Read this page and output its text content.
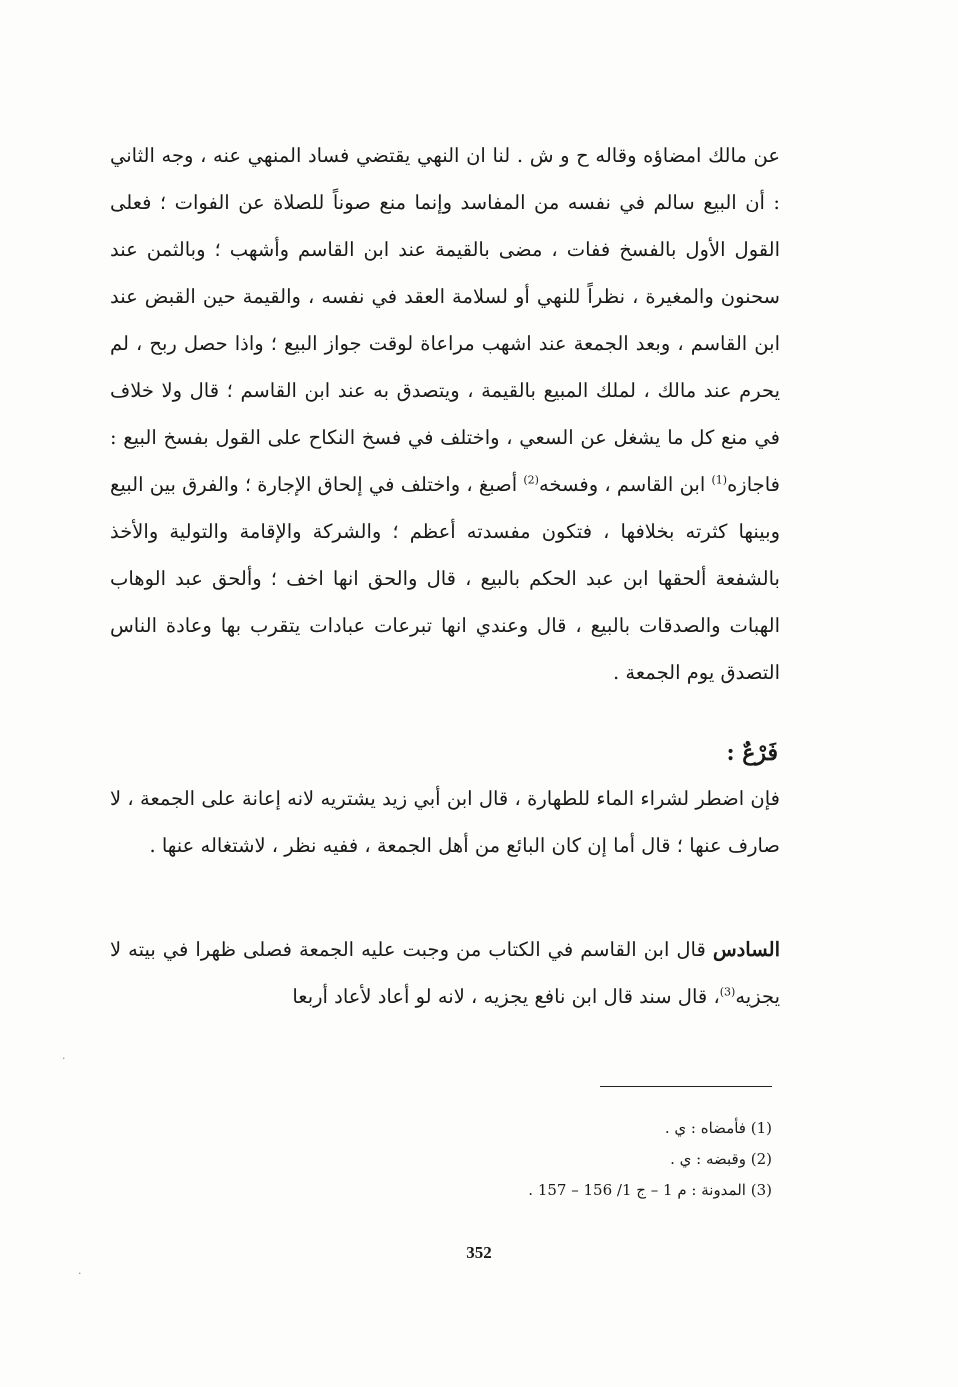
عن مالك امضاؤه وقاله ح و ش . لنا ان النهي يقتضي فساد المنهي عنه ، وجه الثاني : أن البيع سالم في نفسه من المفاسد وإنما منع صوناً للصلاة عن الفوات ؛ فعلى القول الأول بالفسخ ففات ، مضى بالقيمة عند ابن القاسم وأشهب ؛ وبالثمن عند سحنون والمغيرة ، نظراً للنهي أو لسلامة العقد في نفسه ، والقيمة حين القبض عند ابن القاسم ، وبعد الجمعة عند اشهب مراعاة لوقت جواز البيع ؛ واذا حصل ربح ، لم يحرم عند مالك ، لملك المبيع بالقيمة ، ويتصدق به عند ابن القاسم ؛ قال ولا خلاف في منع كل ما يشغل عن السعي ، واختلف في فسخ النكاح على القول بفسخ البيع : فاجازه$^{(1)}$ ابن القاسم ، وفسخه$^{(2)}$ أصبغ ، واختلف في إلحاق الإجارة ؛ والفرق بين البيع وبينها كثرته بخلافها ، فتكون مفسدته أعظم ؛ والشركة والإقامة والتولية والأخذ بالشفعة ألحقها ابن عبد الحكم بالبيع ، قال والحق انها اخف ؛ وألحق عبد الوهاب الهبات والصدقات بالبيع ، قال وعندي انها تبرعات عبادات يتقرب بها وعادة الناس التصدق يوم الجمعة .
فَرْعٌ :
فإن اضطر لشراء الماء للطهارة ، قال ابن أبي زيد يشتريه لانه إعانة على الجمعة ، لا صارف عنها ؛ قال أما إن كان البائع من أهل الجمعة ، ففيه نظر ، لاشتغاله عنها .
السادس قال ابن القاسم في الكتاب من وجبت عليه الجمعة فصلى ظهرا في بيته لا يجزيه$^{(3)}$، قال سند قال ابن نافع يجزيه ، لانه لو أعاد لأعاد أربعا
(1) فأمضاه : ي .
(2) وقبضه : ي .
(3) المدونة : م 1 – ج 1/ 156 – 157 .
352
·
·
